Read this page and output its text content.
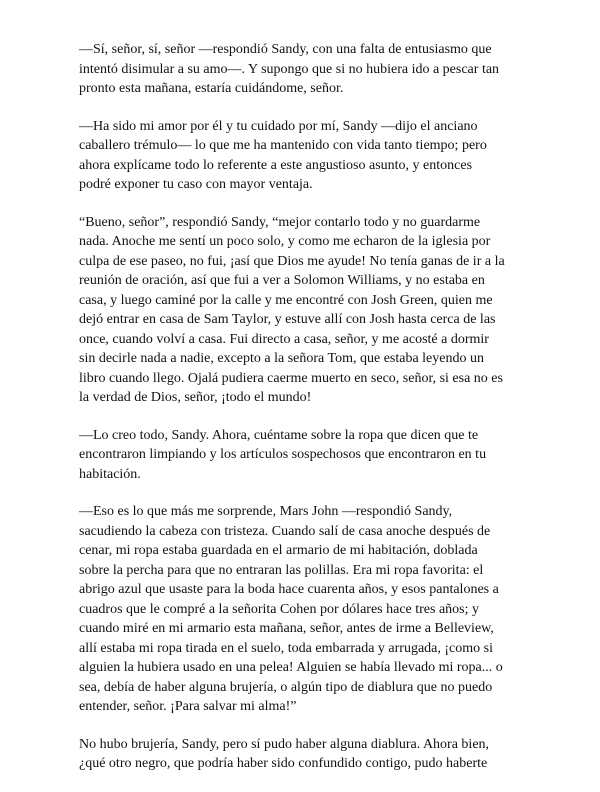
—Sí, señor, sí, señor —respondió Sandy, con una falta de entusiasmo que
intentó disimular a su amo—. Y supongo que si no hubiera ido a pescar tan
pronto esta mañana, estaría cuidándome, señor.

—Ha sido mi amor por él y tu cuidado por mí, Sandy —dijo el anciano
caballero trémulo— lo que me ha mantenido con vida tanto tiempo; pero
ahora explícame todo lo referente a este angustioso asunto, y entonces
podré exponer tu caso con mayor ventaja.

“Bueno, señor”, respondió Sandy, “mejor contarlo todo y no guardarme
nada. Anoche me sentí un poco solo, y como me echaron de la iglesia por
culpa de ese paseo, no fui, ¡así que Dios me ayude! No tenía ganas de ir a la
reunión de oración, así que fui a ver a Solomon Williams, y no estaba en
casa, y luego caminé por la calle y me encontré con Josh Green, quien me
dejó entrar en casa de Sam Taylor, y estuve allí con Josh hasta cerca de las
once, cuando volví a casa. Fui directo a casa, señor, y me acosté a dormir
sin decirle nada a nadie, excepto a la señora Tom, que estaba leyendo un
libro cuando llego. Ojalá pudiera caerme muerto en seco, señor, si esa no es
la verdad de Dios, señor, ¡todo el mundo!

—Lo creo todo, Sandy. Ahora, cuéntame sobre la ropa que dicen que te
encontraron limpiando y los artículos sospechosos que encontraron en tu
habitación.

—Eso es lo que más me sorprende, Mars John —respondió Sandy,
sacudiendo la cabeza con tristeza. Cuando salí de casa anoche después de
cenar, mi ropa estaba guardada en el armario de mi habitación, doblada
sobre la percha para que no entraran las polillas. Era mi ropa favorita: el
abrigo azul que usaste para la boda hace cuarenta años, y esos pantalones a
cuadros que le compré a la señorita Cohen por dólares hace tres años; y
cuando miré en mi armario esta mañana, señor, antes de irme a Belleview,
allí estaba mi ropa tirada en el suelo, toda embarrada y arrugada, ¡como si
alguien la hubiera usado en una pelea! Alguien se había llevado mi ropa... o
sea, debía de haber alguna brujería, o algún tipo de diablura que no puedo
entender, señor. ¡Para salvar mi alma!”

No hubo brujería, Sandy, pero sí pudo haber alguna diablura. Ahora bien,
¿qué otro negro, que podría haber sido confundido contigo, pudo haberte
